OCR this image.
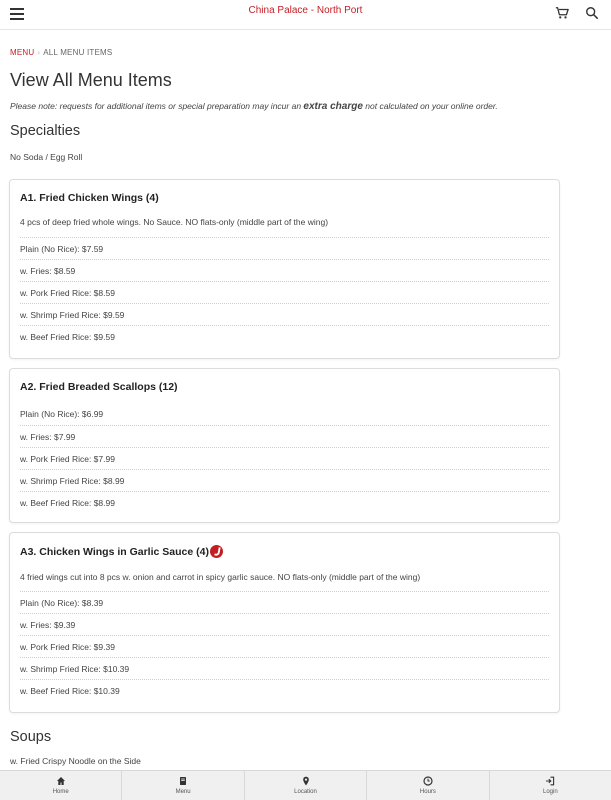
China Palace - North Port
MENU › ALL MENU ITEMS
View All Menu Items
Please note: requests for additional items or special preparation may incur an extra charge not calculated on your online order.
Specialties
No Soda / Egg Roll
A1. Fried Chicken Wings (4)
4 pcs of deep fried whole wings. No Sauce. NO flats-only (middle part of the wing)
Plain (No Rice): $7.59
w. Fries: $8.59
w. Pork Fried Rice: $8.59
w. Shrimp Fried Rice: $9.59
w. Beef Fried Rice: $9.59
A2. Fried Breaded Scallops (12)
Plain (No Rice): $6.99
w. Fries: $7.99
w. Pork Fried Rice: $7.99
w. Shrimp Fried Rice: $8.99
w. Beef Fried Rice: $8.99
A3. Chicken Wings in Garlic Sauce (4)
4 fried wings cut into 8 pcs w. onion and carrot in spicy garlic sauce. NO flats-only (middle part of the wing)
Plain (No Rice): $8.39
w. Fries: $9.39
w. Pork Fried Rice: $9.39
w. Shrimp Fried Rice: $10.39
w. Beef Fried Rice: $10.39
Soups
w. Fried Crispy Noodle on the Side
Home	Menu	Location	Hours	Login
